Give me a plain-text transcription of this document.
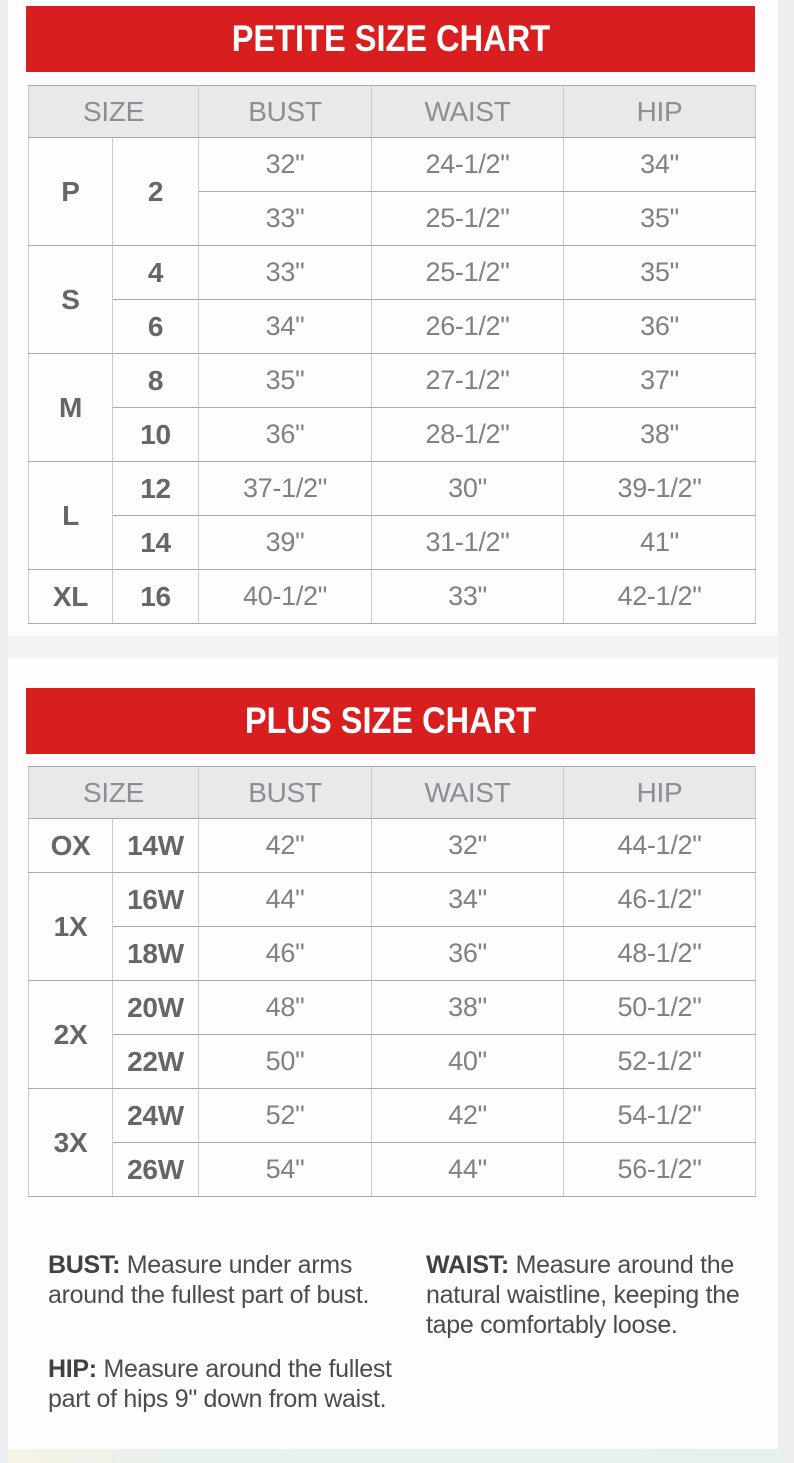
PETITE SIZE CHART
SIZE		BUST	WAIST	HIP
P	2	32"	24-1/2"	34"
		33"	25-1/2"	35"
S	4	33"	25-1/2"	35"
	6	34"	26-1/2"	36"
M	8	35"	27-1/2"	37"
	10	36"	28-1/2"	38"
L	12	37-1/2"	30"	39-1/2"
	14	39"	31-1/2"	41"
XL	16	40-1/2"	33"	42-1/2"
PLUS SIZE CHART
SIZE		BUST	WAIST	HIP
OX	14W	42"	32"	44-1/2"
1X	16W	44"	34"	46-1/2"
	18W	46"	36"	48-1/2"
2X	20W	48"	38"	50-1/2"
	22W	50"	40"	52-1/2"
3X	24W	52"	42"	54-1/2"
	26W	54"	44"	56-1/2"

BUST: Measure under arms around the fullest part of bust.

HIP: Measure around the fullest part of hips 9" down from waist.

WAIST: Measure around the natural waistline, keeping the tape comfortably loose.
